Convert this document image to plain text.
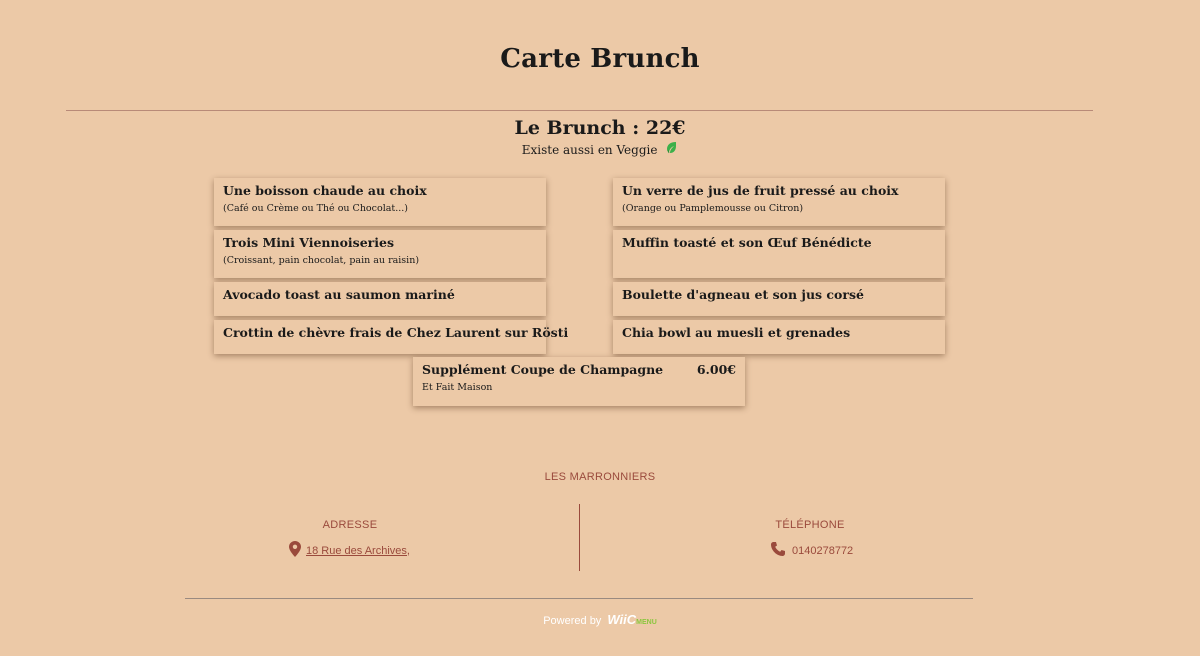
Carte Brunch
Le Brunch : 22€
Existe aussi en Veggie
Une boisson chaude au choix
(Café ou Crème ou Thé ou Chocolat...)
Un verre de jus de fruit pressé au choix
(Orange ou Pamplemousse ou Citron)
Trois Mini Viennoiseries
(Croissant, pain chocolat, pain au raisin)
Muffin toasté et son Œuf Bénédicte
Avocado toast au saumon mariné	Boulette d'agneau et son jus corsé
Crottin de chèvre frais de Chez Laurent sur Rösti	Chia bowl au muesli et grenades
Supplément Coupe de Champagne	6.00€
Et Fait Maison
LES MARRONNIERS
ADRESSE
18 Rue des Archives,
TÉLÉPHONE
0140278772
Powered by WiiCMENU
